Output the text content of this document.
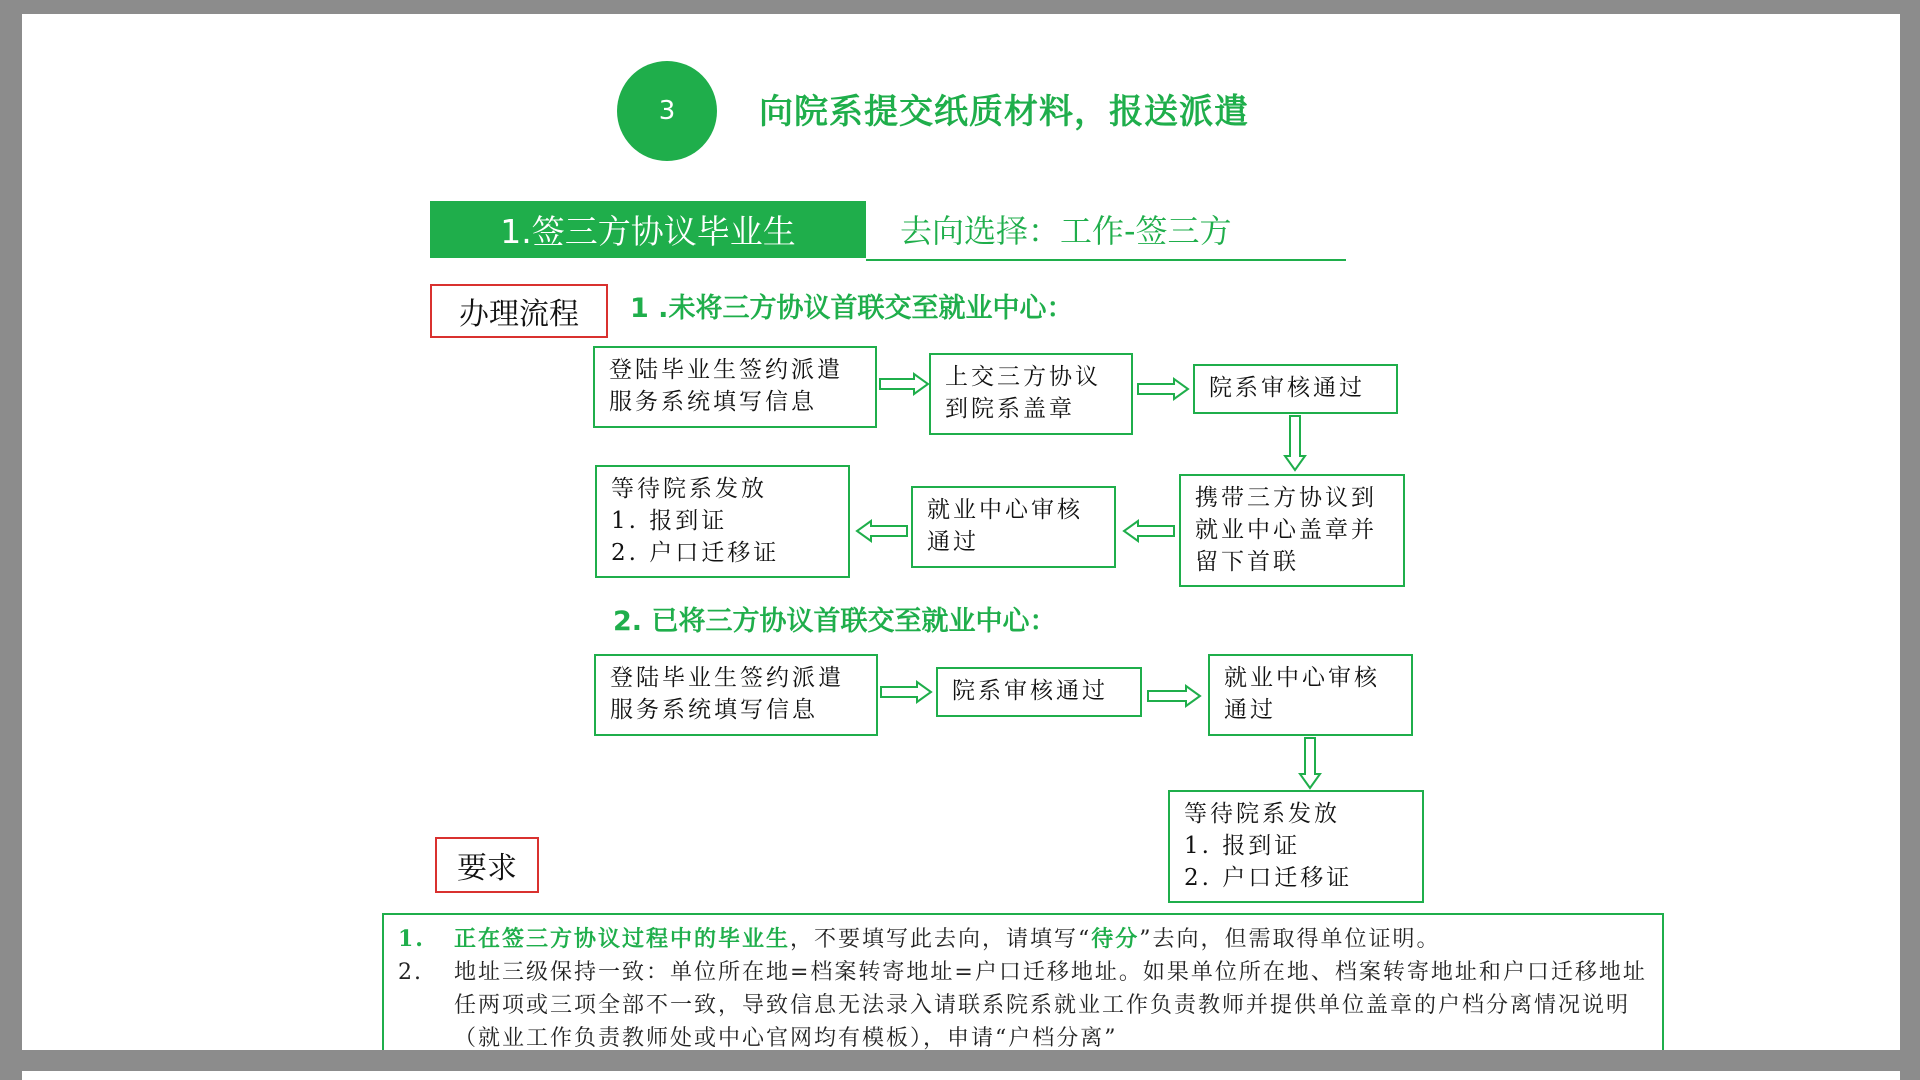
3	向院系提交纸质材料，报送派遣
1.签三方协议毕业生	去向选择：工作-签三方
办理流程	1 .未将三方协议首联交至就业中心：
登陆毕业生签约派遣
服务系统填写信息
上交三方协议
到院系盖章
院系审核通过
携带三方协议到
就业中心盖章并
留下首联
就业中心审核
通过
等待院系发放
1. 报到证
2. 户口迁移证
2. 已将三方协议首联交至就业中心：
登陆毕业生签约派遣
服务系统填写信息
院系审核通过	就业中心审核
通过
等待院系发放
1. 报到证
2. 户口迁移证
要求
1.	正在签三方协议过程中的毕业生，不要填写此去向，请填写“待分”去向，但需取得单位证明。
2.	地址三级保持一致：单位所在地=档案转寄地址=户口迁移地址。如果单位所在地、档案转寄地址和户口迁移地址任两项或三项全部不一致，导致信息无法录入请联系院系就业工作负责教师并提供单位盖章的户档分离情况说明（就业工作负责教师处或中心官网均有模板），申请“户档分离”
